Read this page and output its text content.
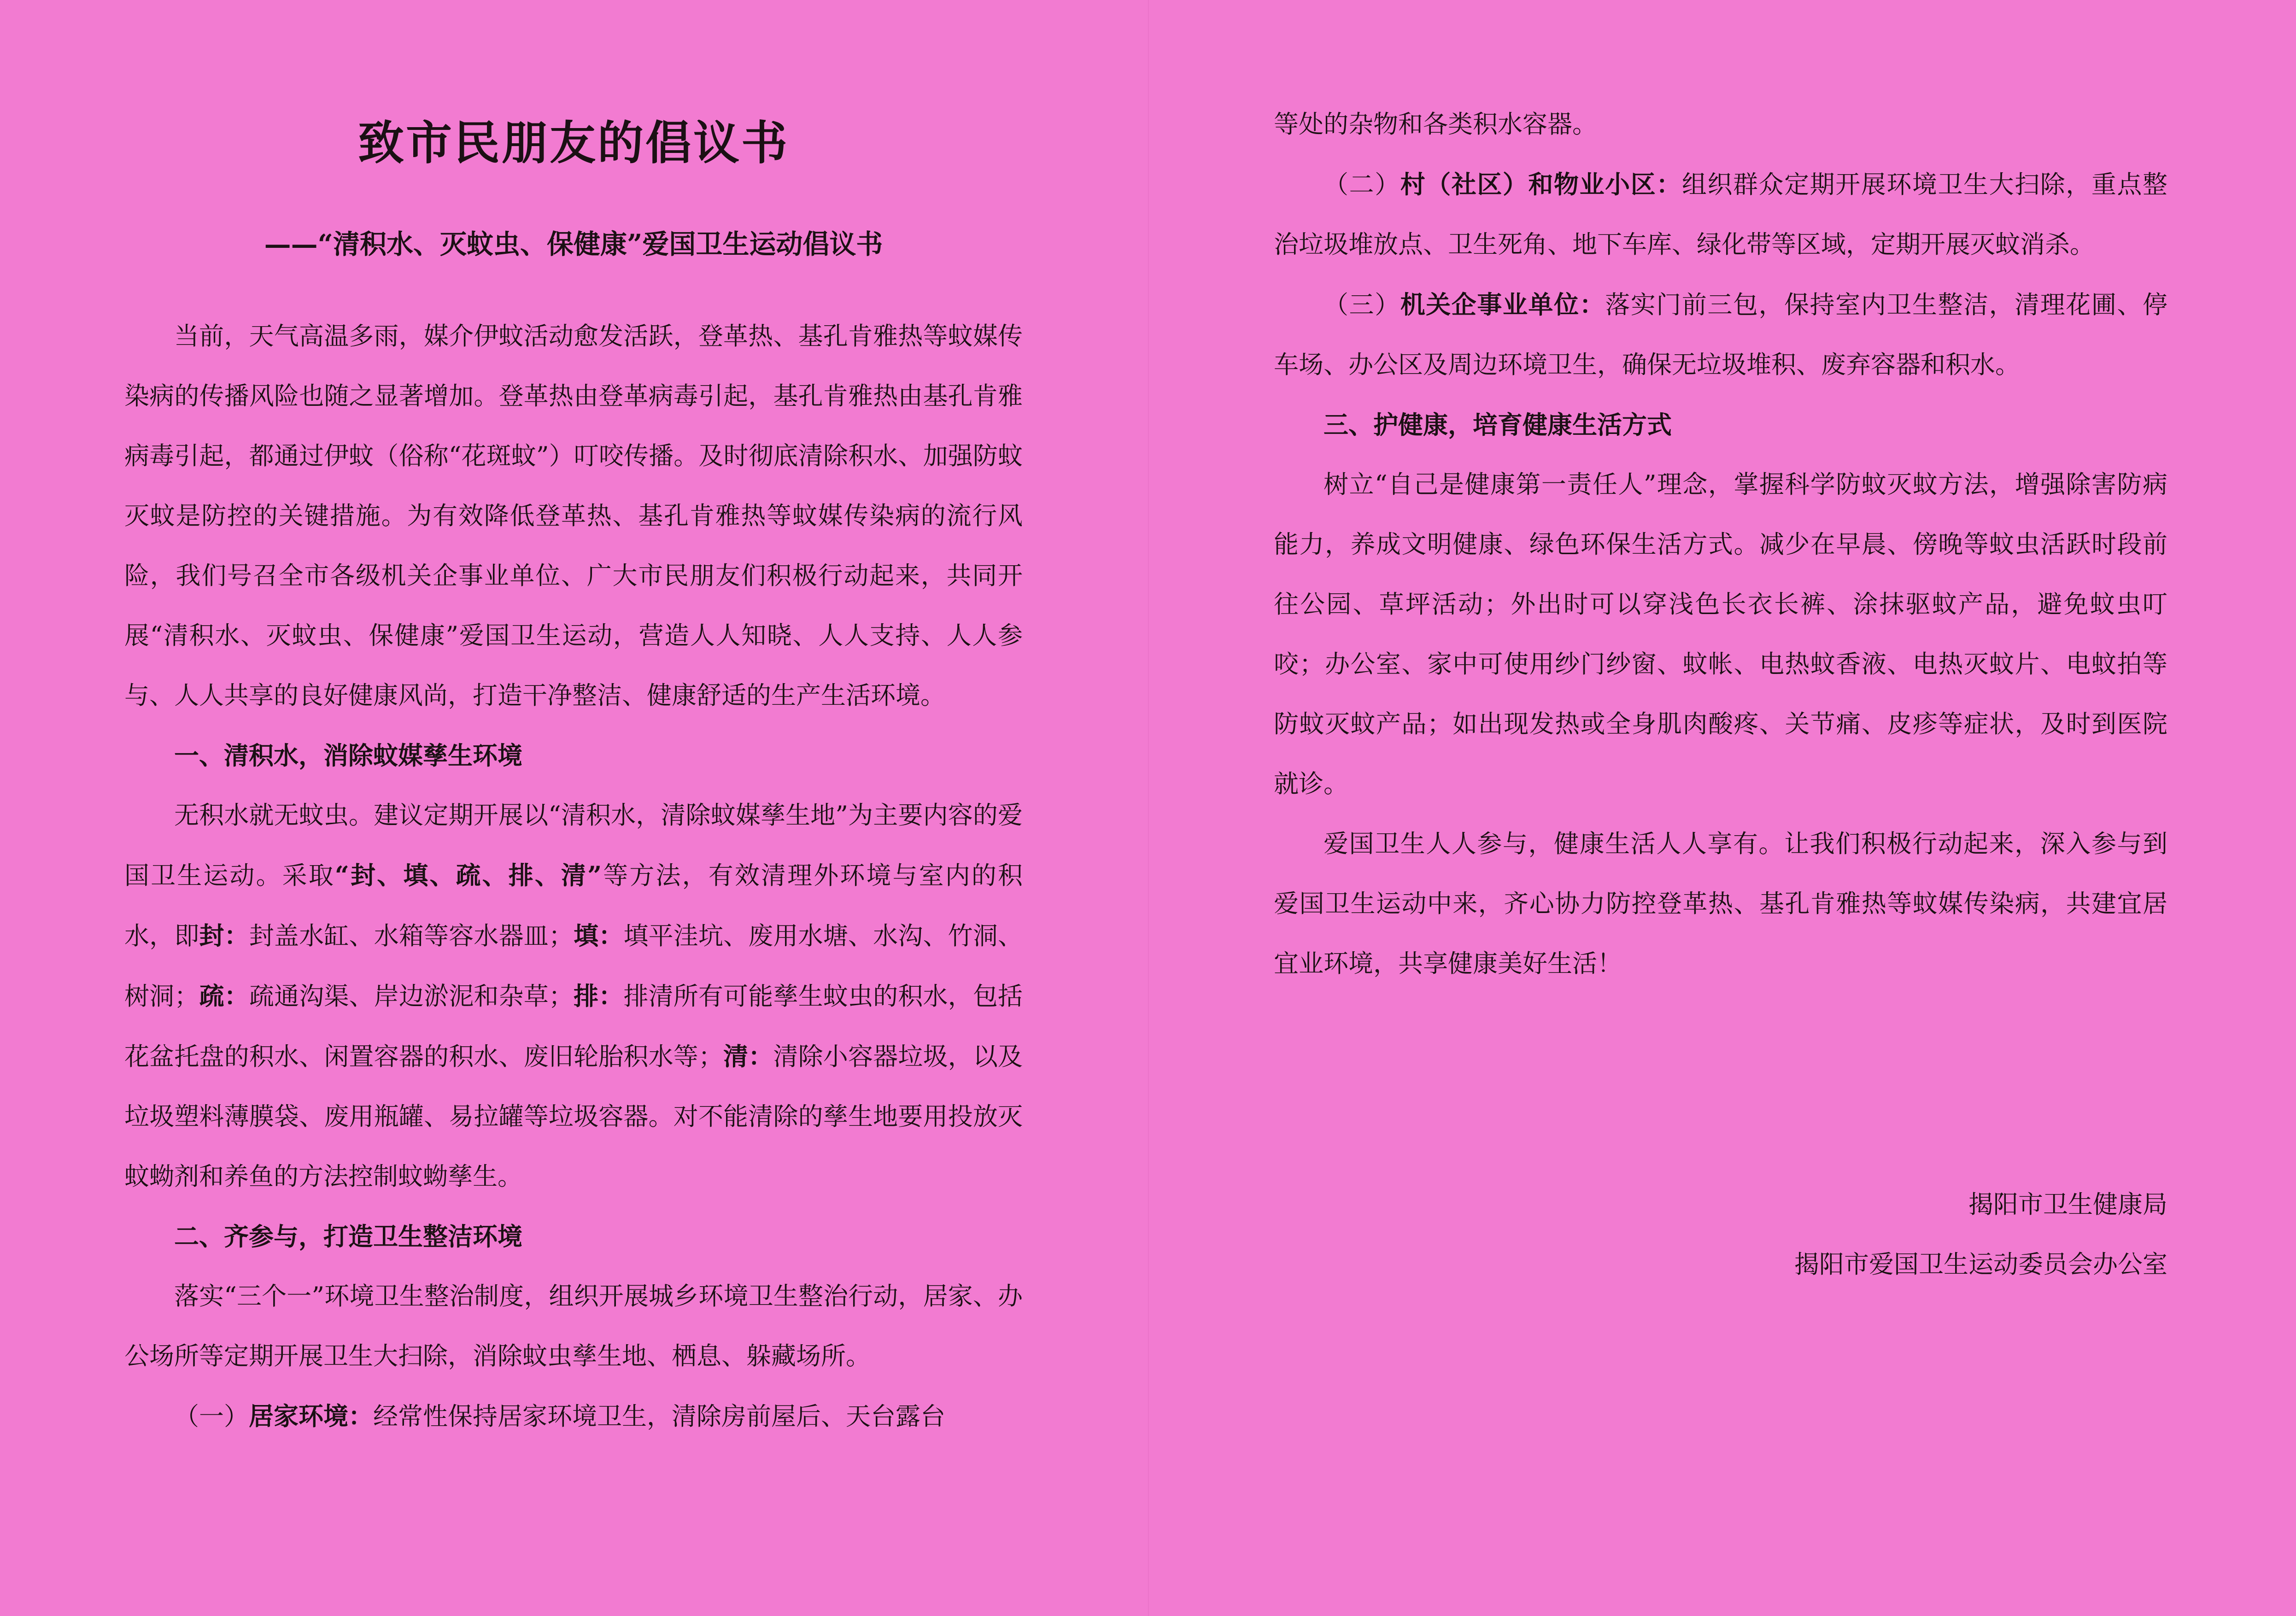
致市民朋友的倡议书
——“清积水、灭蚊虫、保健康”爱国卫生运动倡议书

当前，天气高温多雨，媒介伊蚊活动愈发活跃，登革热、基孔肯雅热等蚊媒传染病的传播风险也随之显著增加。登革热由登革病毒引起，基孔肯雅热由基孔肯雅病毒引起，都通过伊蚊（俗称“花斑蚊”）叮咬传播。及时彻底清除积水、加强防蚊灭蚊是防控的关键措施。为有效降低登革热、基孔肯雅热等蚊媒传染病的流行风险，我们号召全市各级机关企事业单位、广大市民朋友们积极行动起来，共同开展“清积水、灭蚊虫、保健康”爱国卫生运动，营造人人知晓、人人支持、人人参与、人人共享的良好健康风尚，打造干净整洁、健康舒适的生产生活环境。

一、清积水，消除蚊媒孳生环境

无积水就无蚊虫。建议定期开展以“清积水，清除蚊媒孳生地”为主要内容的爱国卫生运动。采取“封、填、疏、排、清”等方法，有效清理外环境与室内的积水，即封：封盖水缸、水箱等容水器皿；填：填平洼坑、废用水塘、水沟、竹洞、树洞；疏：疏通沟渠、岸边淤泥和杂草；排：排清所有可能孳生蚊虫的积水，包括花盆托盘的积水、闲置容器的积水、废旧轮胎积水等；清：清除小容器垃圾，以及垃圾塑料薄膜袋、废用瓶罐、易拉罐等垃圾容器。对不能清除的孳生地要用投放灭蚊蚴剂和养鱼的方法控制蚊蚴孳生。

二、齐参与，打造卫生整洁环境

落实“三个一”环境卫生整治制度，组织开展城乡环境卫生整治行动，居家、办公场所等定期开展卫生大扫除，消除蚊虫孳生地、栖息、躲藏场所。

（一）居家环境：经常性保持居家环境卫生，清除房前屋后、天台露台

等处的杂物和各类积水容器。

（二）村（社区）和物业小区：组织群众定期开展环境卫生大扫除，重点整治垃圾堆放点、卫生死角、地下车库、绿化带等区域，定期开展灭蚊消杀。

（三）机关企事业单位：落实门前三包，保持室内卫生整洁，清理花圃、停车场、办公区及周边环境卫生，确保无垃圾堆积、废弃容器和积水。

三、护健康，培育健康生活方式

树立“自己是健康第一责任人”理念，掌握科学防蚊灭蚊方法，增强除害防病能力，养成文明健康、绿色环保生活方式。减少在早晨、傍晚等蚊虫活跃时段前往公园、草坪活动；外出时可以穿浅色长衣长裤、涂抹驱蚊产品，避免蚊虫叮咬；办公室、家中可使用纱门纱窗、蚊帐、电热蚊香液、电热灭蚊片、电蚊拍等防蚊灭蚊产品；如出现发热或全身肌肉酸疼、关节痛、皮疹等症状，及时到医院就诊。

爱国卫生人人参与，健康生活人人享有。让我们积极行动起来，深入参与到爱国卫生运动中来，齐心协力防控登革热、基孔肯雅热等蚊媒传染病，共建宜居宜业环境，共享健康美好生活！

揭阳市卫生健康局
揭阳市爱国卫生运动委员会办公室
